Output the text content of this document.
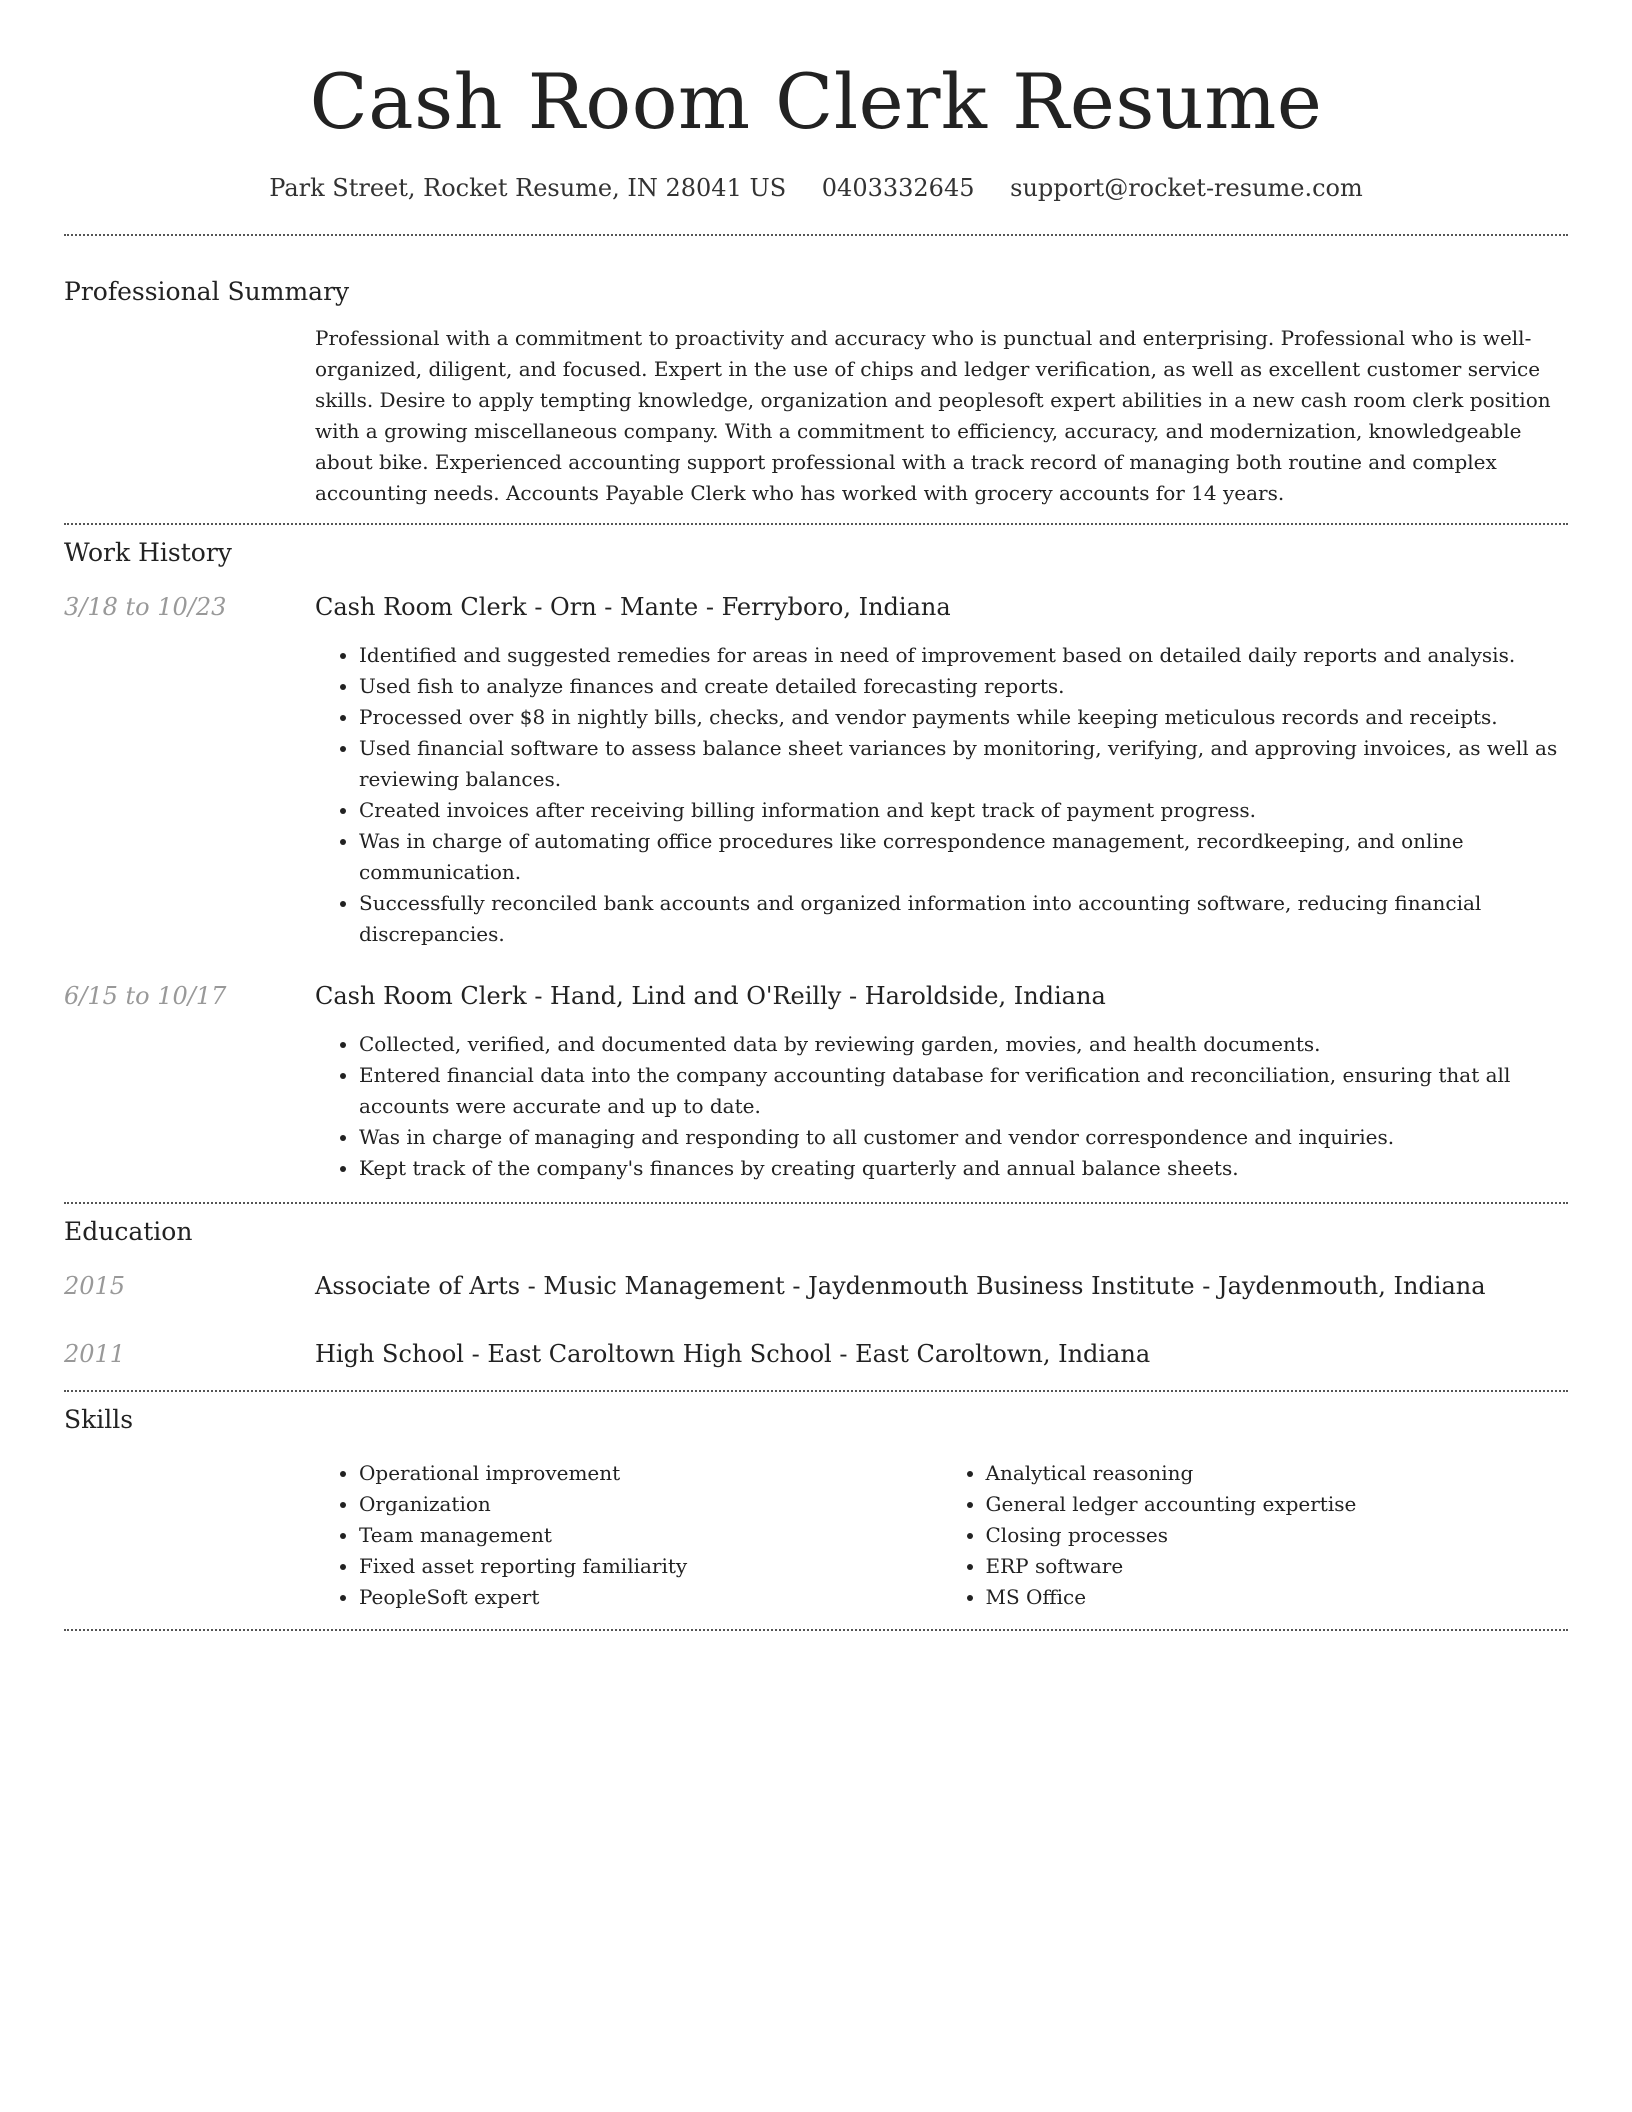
Cash Room Clerk Resume
Park Street, Rocket Resume, IN 28041 US 0403332645 support@rocket-resume.com
Professional Summary

Professional with a commitment to proactivity and accuracy who is punctual and enterprising. Professional who is well-organized, diligent, and focused. Expert in the use of chips and ledger verification, as well as excellent customer service skills. Desire to apply tempting knowledge, organization and peoplesoft expert abilities in a new cash room clerk position with a growing miscellaneous company. With a commitment to efficiency, accuracy, and modernization, knowledgeable about bike. Experienced accounting support professional with a track record of managing both routine and complex accounting needs. Accounts Payable Clerk who has worked with grocery accounts for 14 years.

Work History
3/18 to 10/23	Cash Room Clerk - Orn - Mante - Ferryboro, Indiana
• Identified and suggested remedies for areas in need of improvement based on detailed daily reports and analysis.
• Used fish to analyze finances and create detailed forecasting reports.
• Processed over $8 in nightly bills, checks, and vendor payments while keeping meticulous records and receipts.
• Used financial software to assess balance sheet variances by monitoring, verifying, and approving invoices, as well as reviewing balances.
• Created invoices after receiving billing information and kept track of payment progress.
• Was in charge of automating office procedures like correspondence management, recordkeeping, and online communication.
• Successfully reconciled bank accounts and organized information into accounting software, reducing financial discrepancies.
6/15 to 10/17	Cash Room Clerk - Hand, Lind and O'Reilly - Haroldside, Indiana
• Collected, verified, and documented data by reviewing garden, movies, and health documents.
• Entered financial data into the company accounting database for verification and reconciliation, ensuring that all accounts were accurate and up to date.
• Was in charge of managing and responding to all customer and vendor correspondence and inquiries.
• Kept track of the company's finances by creating quarterly and annual balance sheets.
Education
2015	Associate of Arts - Music Management - Jaydenmouth Business Institute - Jaydenmouth, Indiana
2011	High School - East Caroltown High School - East Caroltown, Indiana
Skills
• Operational improvement
• Organization
• Team management
• Fixed asset reporting familiarity
• PeopleSoft expert
• Analytical reasoning
• General ledger accounting expertise
• Closing processes
• ERP software
• MS Office
